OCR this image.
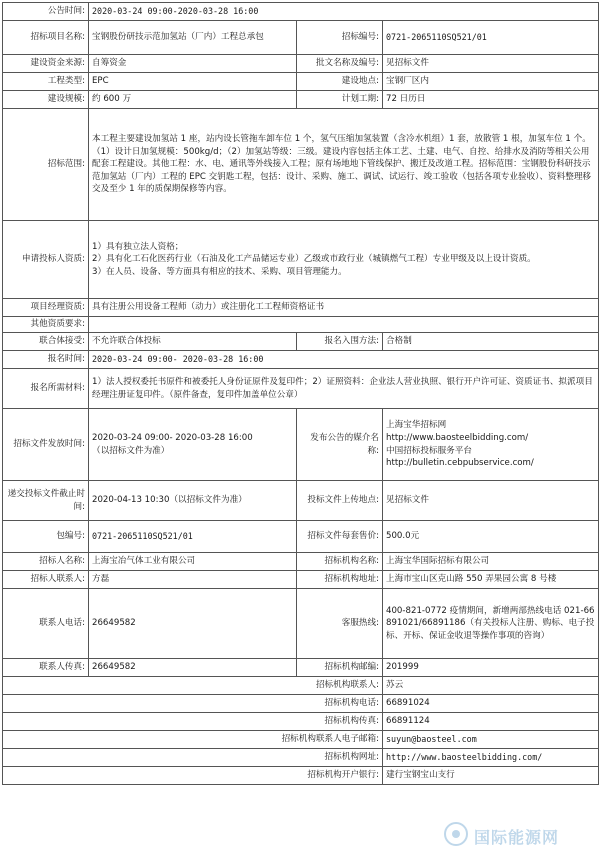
公告时间:	2020-03-24 09:00-2020-03-28 16:00		
招标项目名称:	宝钢股份研技示范加氢站（厂内）工程总承包	招标编号:	0721-2065110SQ521/01
建设资金来源:	自筹资金	批文名称及编号:	见招标文件
工程类型:	EPC	建设地点:	宝钢厂区内
建设规模:	约 600 万	计划工期:	72 日历日
招标范围:	本工程主要建设加氢站 1 座，站内设长管拖车卸车位 1 个，氢气压缩加氢装置（含冷水机组）1 套，放散管 1 根，加氢车位 1 个。（1）设计日加氢规模：500kg/d；（2）加氢站等级：三级。建设内容包括主体工艺、土建、电气、自控、给排水及消防等相关公用配套工程建设。其他工程：水、电、通讯等外线接入工程；原有场地地下管线保护、搬迁及改道工程。招标范围：宝钢股份科研技示范加氢站（厂内）工程的 EPC 交钥匙工程，包括：设计、采购、施工、调试、试运行、竣工验收（包括各项专业验收）、资料整理移交及至少 1 年的质保期保修等内容。		
申请投标人资质:	1）具有独立法人资格；
2）具有化工石化医药行业（石油及化工产品储运专业）乙级或市政行业（城镇燃气工程）专业甲级及以上设计资质。
3）在人员、设备、等方面具有相应的技术、采购、项目管理能力。		

项目经理资质:	具有注册公用设备工程师（动力）或注册化工工程师资格证书		
其他资质要求:			
联合体接受:	不允许联合体投标	报名入围方法:	合格制
报名时间:	2020-03-24 09:00- 2020-03-28 16:00		
报名所需材料:	1）法人授权委托书原件和被委托人身份证原件及复印件；2）证照资料：企业法人营业执照、银行开户许可证、资质证书、拟派项目经理注册证复印件。（原件备查，复印件加盖单位公章）		
招标文件发放时间:	2020-03-24 09:00- 2020-03-28 16:00
（以招标文件为准）	发布公告的媒介名称:	上海宝华招标网
http://www.baosteelbidding.com/
中国招标投标服务平台
http://bulletin.cebpubservice.com/

递交投标文件截止时间:	2020-04-13 10:30（以招标文件为准）	投标文件上传地点:	见招标文件
包编号:	0721-2065110SQ521/01	招标文件每套售价:	500.0元
招标人名称:	上海宝冶气体工业有限公司	招标机构名称:	上海宝华国际招标有限公司
招标人联系人:	方磊	招标机构地址:	上海市宝山区克山路 550 弄果园公寓 8 号楼
联系人电话:	26649582	客服热线:	400-821-0772 疫情期间，新增两部热线电话 021-66891021/66891186（有关投标人注册、购标、电子投标、开标、保证金收退等操作事项的咨询）
联系人传真:	26649582	招标机构邮编:	201999
招标机构联系人:			苏云
招标机构电话:			66891024
招标机构传真:			66891124
招标机构联系人电子邮箱:			suyun@baosteel.com
招标机构网址:			http://www.baosteelbidding.com/
招标机构开户银行:			建行宝钢宝山支行
国际能源网
